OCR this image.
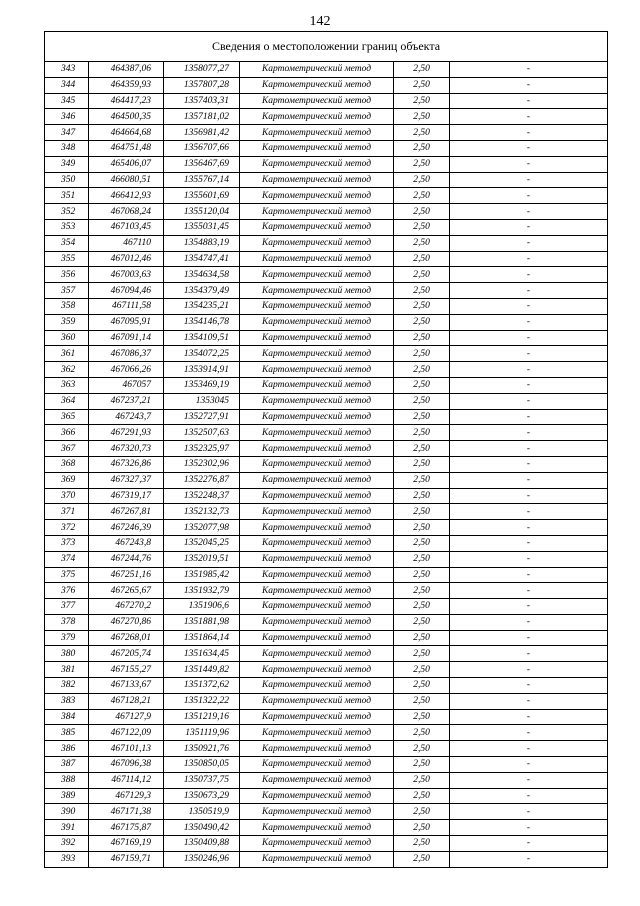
142
Сведения о местоположении границ объекта					
343	464387,06	1358077,27	Картометрический метод	2,50	-
344	464359,93	1357807,28	Картометрический метод	2,50	-
345	464417,23	1357403,31	Картометрический метод	2,50	-
346	464500,35	1357181,02	Картометрический метод	2,50	-
347	464664,68	1356981,42	Картометрический метод	2,50	-
348	464751,48	1356707,66	Картометрический метод	2,50	-
349	465406,07	1356467,69	Картометрический метод	2,50	-
350	466080,51	1355767,14	Картометрический метод	2,50	-
351	466412,93	1355601,69	Картометрический метод	2,50	-
352	467068,24	1355120,04	Картометрический метод	2,50	-
353	467103,45	1355031,45	Картометрический метод	2,50	-
354	467110	1354883,19	Картометрический метод	2,50	-
355	467012,46	1354747,41	Картометрический метод	2,50	-
356	467003,63	1354634,58	Картометрический метод	2,50	-
357	467094,46	1354379,49	Картометрический метод	2,50	-
358	467111,58	1354235,21	Картометрический метод	2,50	-
359	467095,91	1354146,78	Картометрический метод	2,50	-
360	467091,14	1354109,51	Картометрический метод	2,50	-
361	467086,37	1354072,25	Картометрический метод	2,50	-
362	467066,26	1353914,91	Картометрический метод	2,50	-
363	467057	1353469,19	Картометрический метод	2,50	-
364	467237,21	1353045	Картометрический метод	2,50	-
365	467243,7	1352727,91	Картометрический метод	2,50	-
366	467291,93	1352507,63	Картометрический метод	2,50	-
367	467320,73	1352325,97	Картометрический метод	2,50	-
368	467326,86	1352302,96	Картометрический метод	2,50	-
369	467327,37	1352276,87	Картометрический метод	2,50	-
370	467319,17	1352248,37	Картометрический метод	2,50	-
371	467267,81	1352132,73	Картометрический метод	2,50	-
372	467246,39	1352077,98	Картометрический метод	2,50	-
373	467243,8	1352045,25	Картометрический метод	2,50	-
374	467244,76	1352019,51	Картометрический метод	2,50	-
375	467251,16	1351985,42	Картометрический метод	2,50	-
376	467265,67	1351932,79	Картометрический метод	2,50	-
377	467270,2	1351906,6	Картометрический метод	2,50	-
378	467270,86	1351881,98	Картометрический метод	2,50	-
379	467268,01	1351864,14	Картометрический метод	2,50	-
380	467205,74	1351634,45	Картометрический метод	2,50	-
381	467155,27	1351449,82	Картометрический метод	2,50	-
382	467133,67	1351372,62	Картометрический метод	2,50	-
383	467128,21	1351322,22	Картометрический метод	2,50	-
384	467127,9	1351219,16	Картометрический метод	2,50	-
385	467122,09	1351119,96	Картометрический метод	2,50	-
386	467101,13	1350921,76	Картометрический метод	2,50	-
387	467096,38	1350850,05	Картометрический метод	2,50	-
388	467114,12	1350737,75	Картометрический метод	2,50	-
389	467129,3	1350673,29	Картометрический метод	2,50	-
390	467171,38	1350519,9	Картометрический метод	2,50	-
391	467175,87	1350490,42	Картометрический метод	2,50	-
392	467169,19	1350409,88	Картометрический метод	2,50	-
393	467159,71	1350246,96	Картометрический метод	2,50	-
